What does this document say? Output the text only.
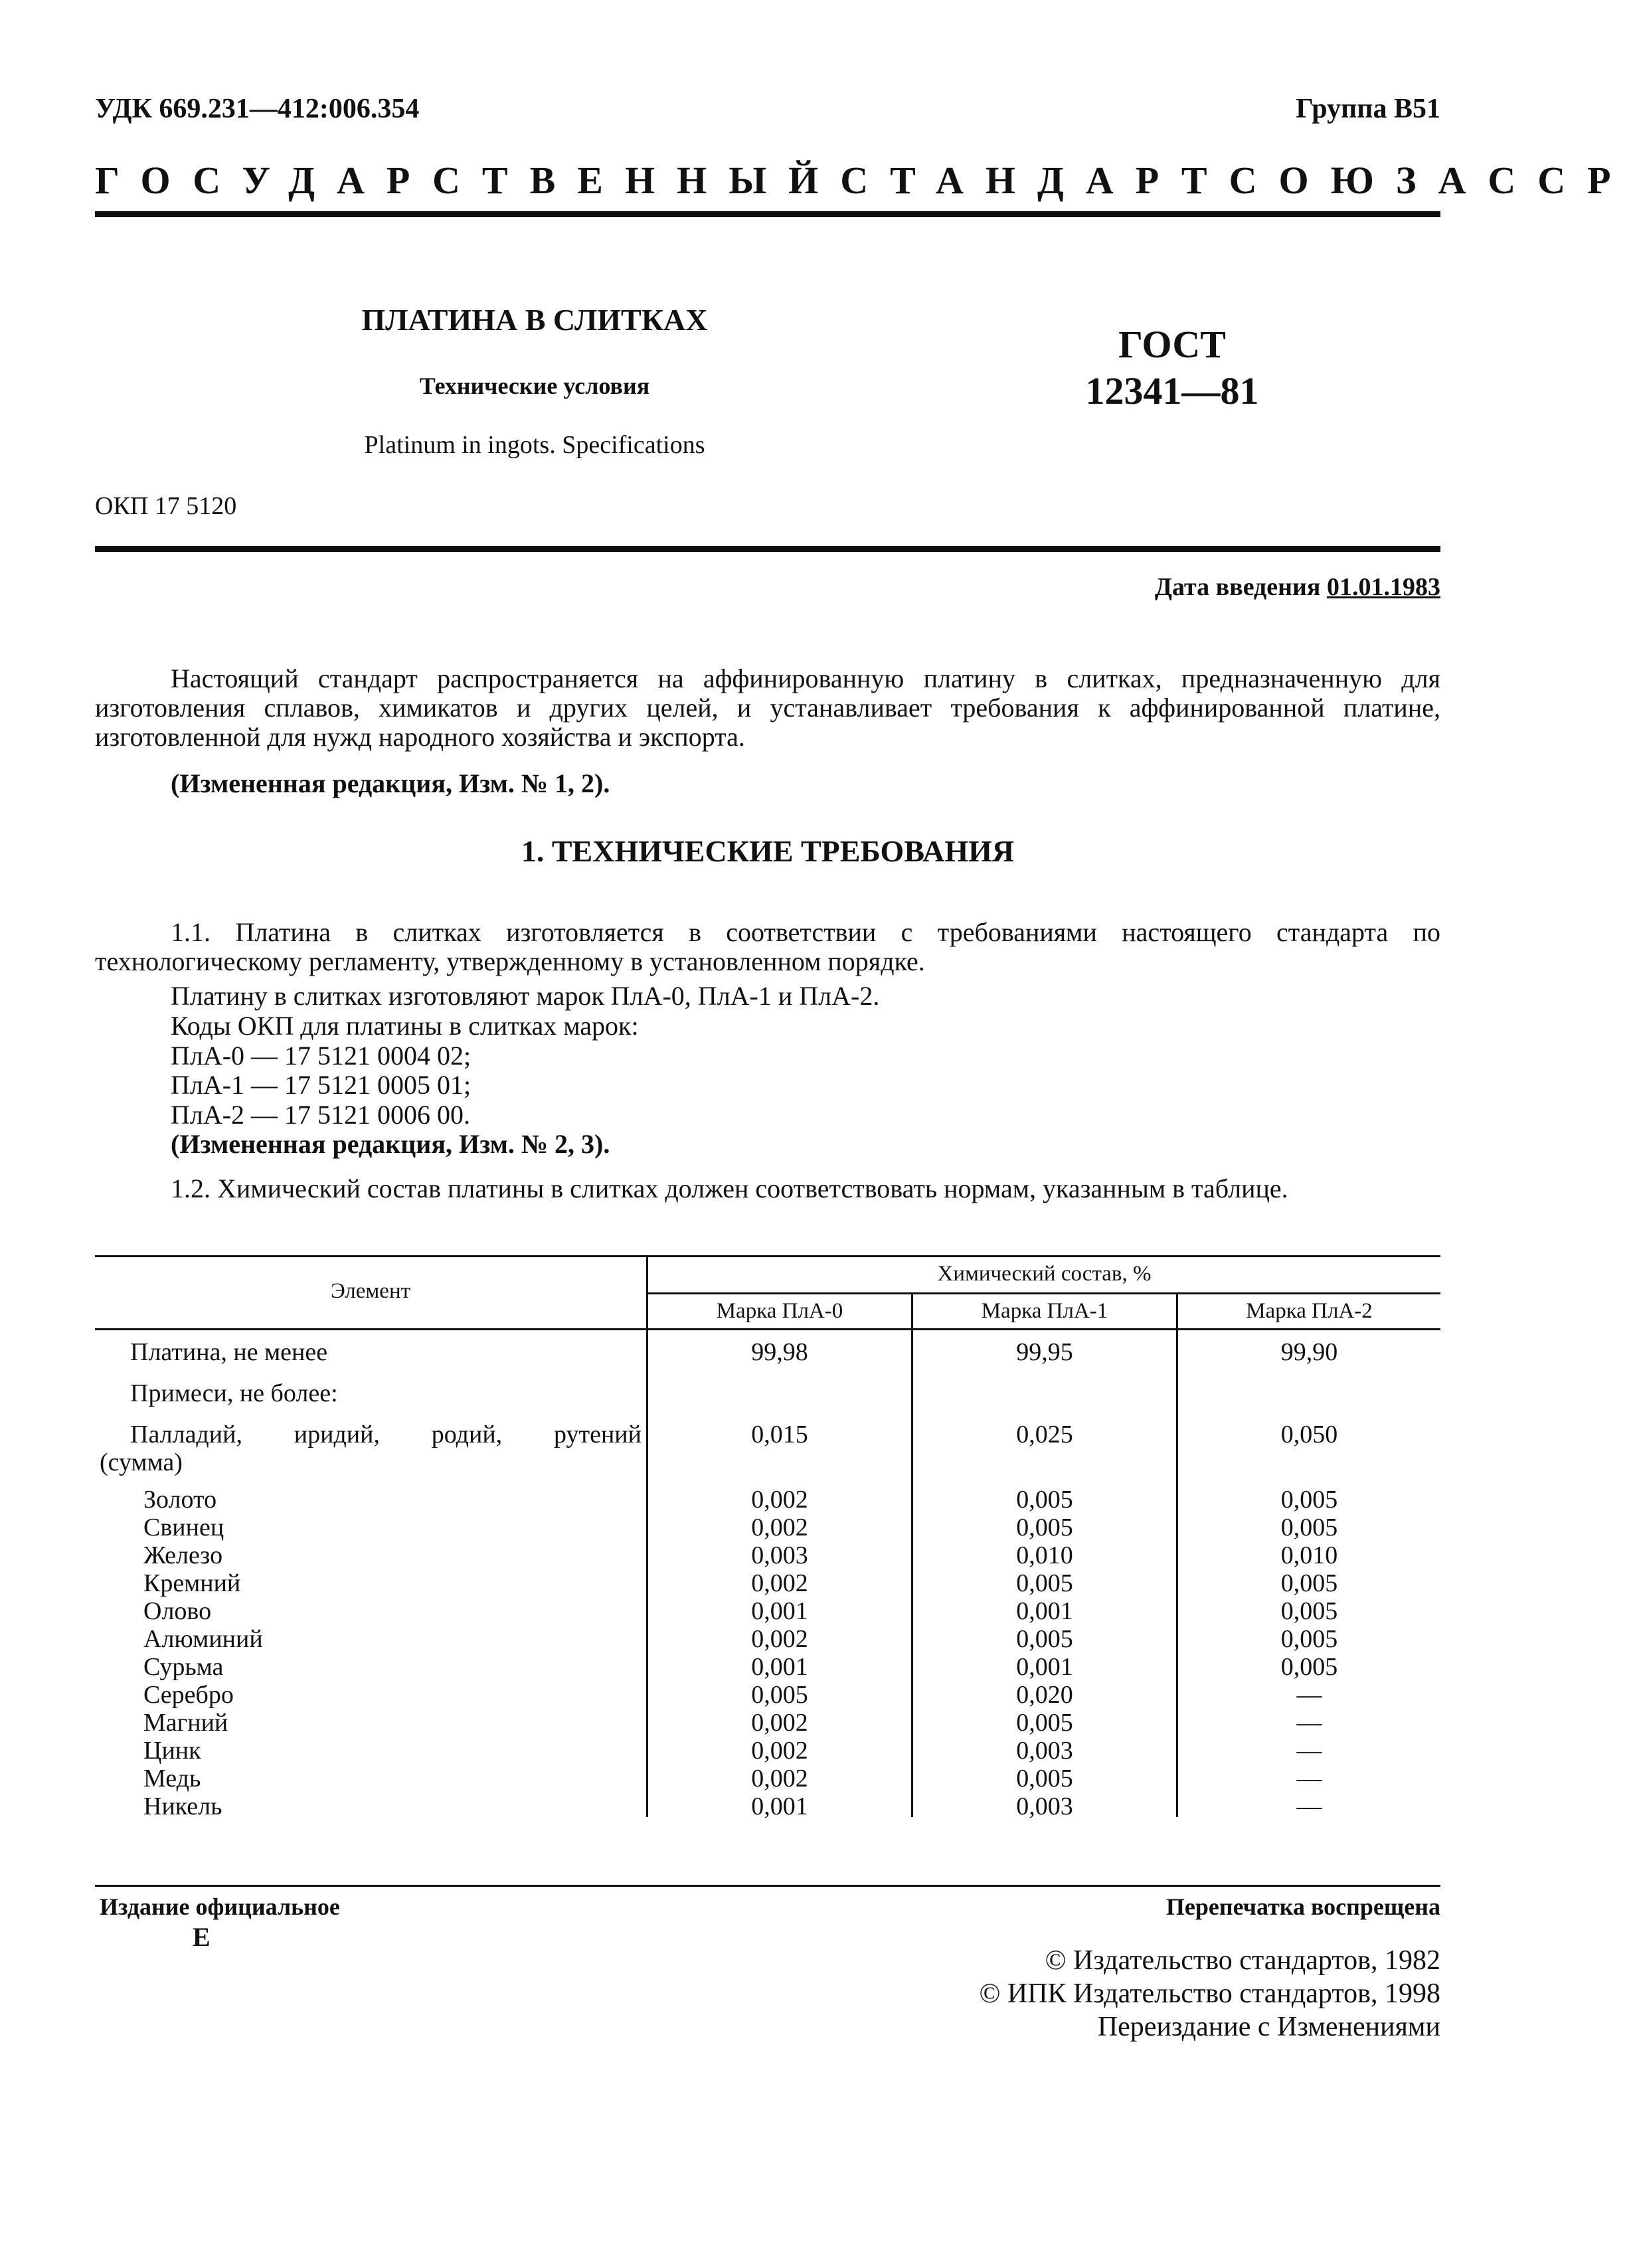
УДК 669.231—412:006.354	Группа В51
ГОСУДАРСТВЕННЫЙ СТАНДАРТ СОЮЗА ССР
ПЛАТИНА В СЛИТКАХ
Технические условия
Platinum in ingots. Specifications
ГОСТ
12341—81
ОКП 17 5120
Дата введения 01.01.1983
Настоящий стандарт распространяется на аффинированную платину в слитках, предназначенную для изготовления сплавов, химикатов и других целей, и устанавливает требования к аффинированной платине, изготовленной для нужд народного хозяйства и экспорта.
(Измененная редакция, Изм. № 1, 2).
1. ТЕХНИЧЕСКИЕ ТРЕБОВАНИЯ
1.1. Платина в слитках изготовляется в соответствии с требованиями настоящего стандарта по технологическому регламенту, утвержденному в установленном порядке.
Платину в слитках изготовляют марок ПлА-0, ПлА-1 и ПлА-2.
Коды ОКП для платины в слитках марок:
ПлА-0 — 17 5121 0004 02;
ПлА-1 — 17 5121 0005 01;
ПлА-2 — 17 5121 0006 00.
(Измененная редакция, Изм. № 2, 3).
1.2. Химический состав платины в слитках должен соответствовать нормам, указанным в таблице.
Элемент
Химический состав, %
Марка ПлА-0	Марка ПлА-1	Марка ПлА-2
Платина, не менее	99,98	99,95	99,90
Примеси, не более:
Палладий, иридий, родий, рутений
(сумма)
0,015	0,025	0,050
Золото	0,002	0,005	0,005
Свинец	0,002	0,005	0,005
Железо	0,003	0,010	0,010
Кремний	0,002	0,005	0,005
Олово	0,001	0,001	0,005
Алюминий	0,002	0,005	0,005
Сурьма	0,001	0,001	0,005
Серебро	0,005	0,020	—
Магний	0,002	0,005	—
Цинк	0,002	0,003	—
Медь	0,002	0,005	—
Никель	0,001	0,003	—
Издание официальное
Е
Перепечатка воспрещена
© Издательство стандартов, 1982
© ИПК Издательство стандартов, 1998
Переиздание с Изменениями
